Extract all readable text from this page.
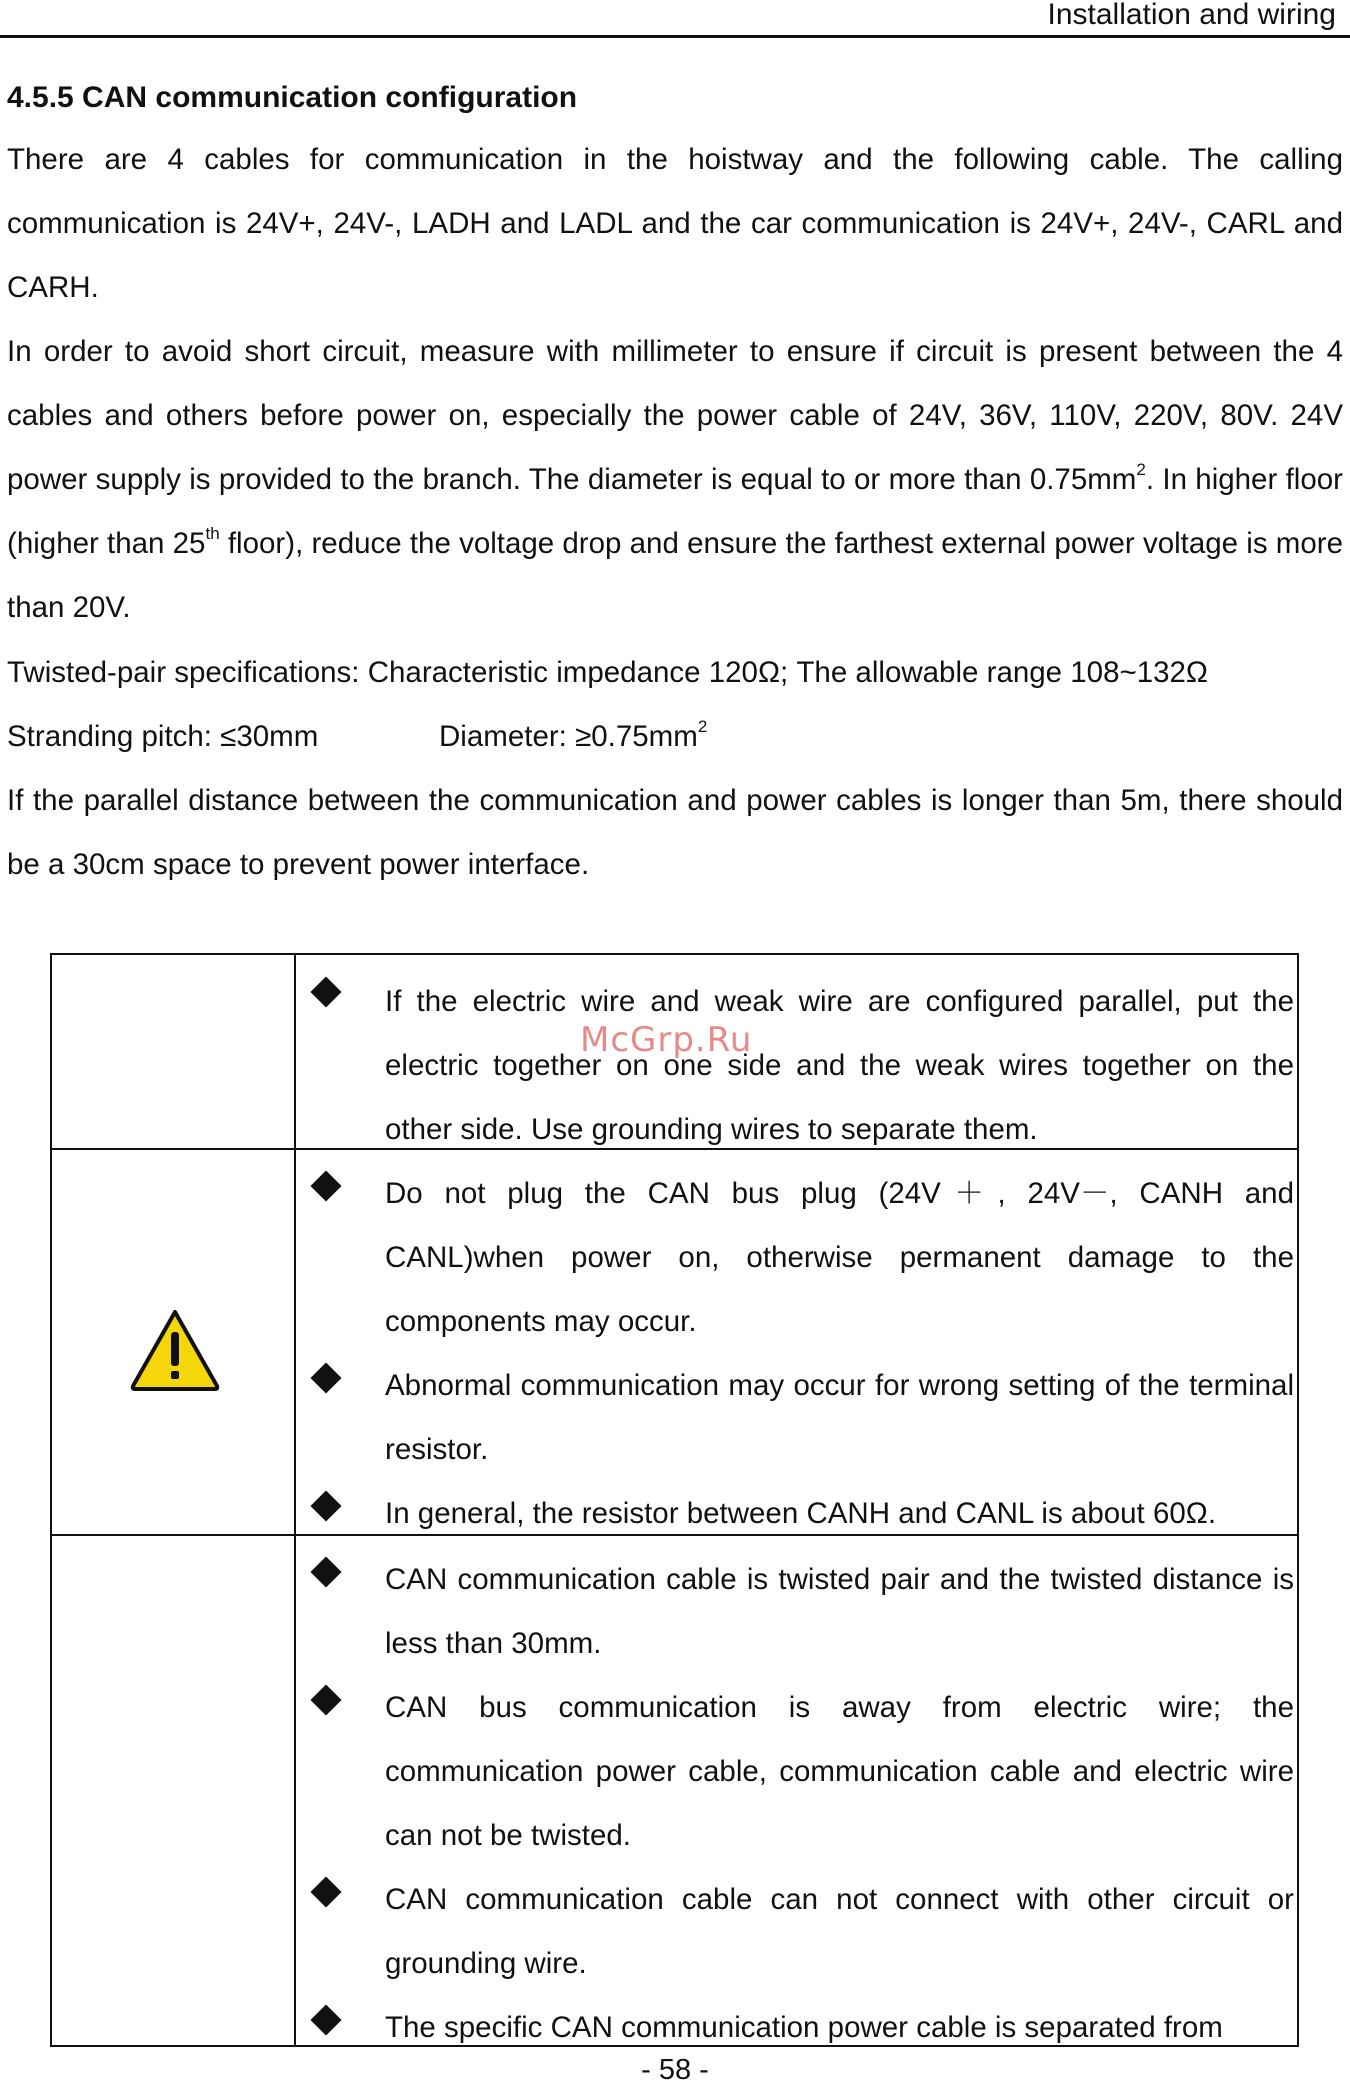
Installation and wiring
4.5.5 CAN communication configuration

There are 4 cables for communication in the hoistway and the following cable. The calling communication is 24V+, 24V-, LADH and LADL and the car communication is 24V+, 24V-, CARL and CARH.

In order to avoid short circuit, measure with millimeter to ensure if circuit is present between the 4 cables and others before power on, especially the power cable of 24V, 36V, 110V, 220V, 80V. 24V power supply is provided to the branch. The diameter is equal to or more than $0.75mm^2$. In higher floor (higher than 25th floor), reduce the voltage drop and ensure the farthest external power voltage is more than 20V.

Twisted-pair specifications: Characteristic impedance 120Ω; The allowable range 108~132Ω

Stranding pitch: ≤30mm	Diameter: $\ge 0.75mm^2$

If the parallel distance between the communication and power cables is longer than 5m, there should be a 30cm space to prevent power interface.

If the electric wire and weak wire are configured parallel, put the electric together on one side and the weak wires together on the other side. Use grounding wires to separate them.

Do not plug the CAN bus plug (24V＋, 24V－, CANH and CANL)when power on, otherwise permanent damage to the components may occur.

Abnormal communication may occur for wrong setting of the terminal resistor.

In general, the resistor between CANH and CANL is about 60Ω.

CAN communication cable is twisted pair and the twisted distance is less than 30mm.

CAN bus communication is away from electric wire; the communication power cable, communication cable and electric wire can not be twisted.

CAN communication cable can not connect with other circuit or grounding wire.

The specific CAN communication power cable is separated from

McGrp.Ru
- 58 -
